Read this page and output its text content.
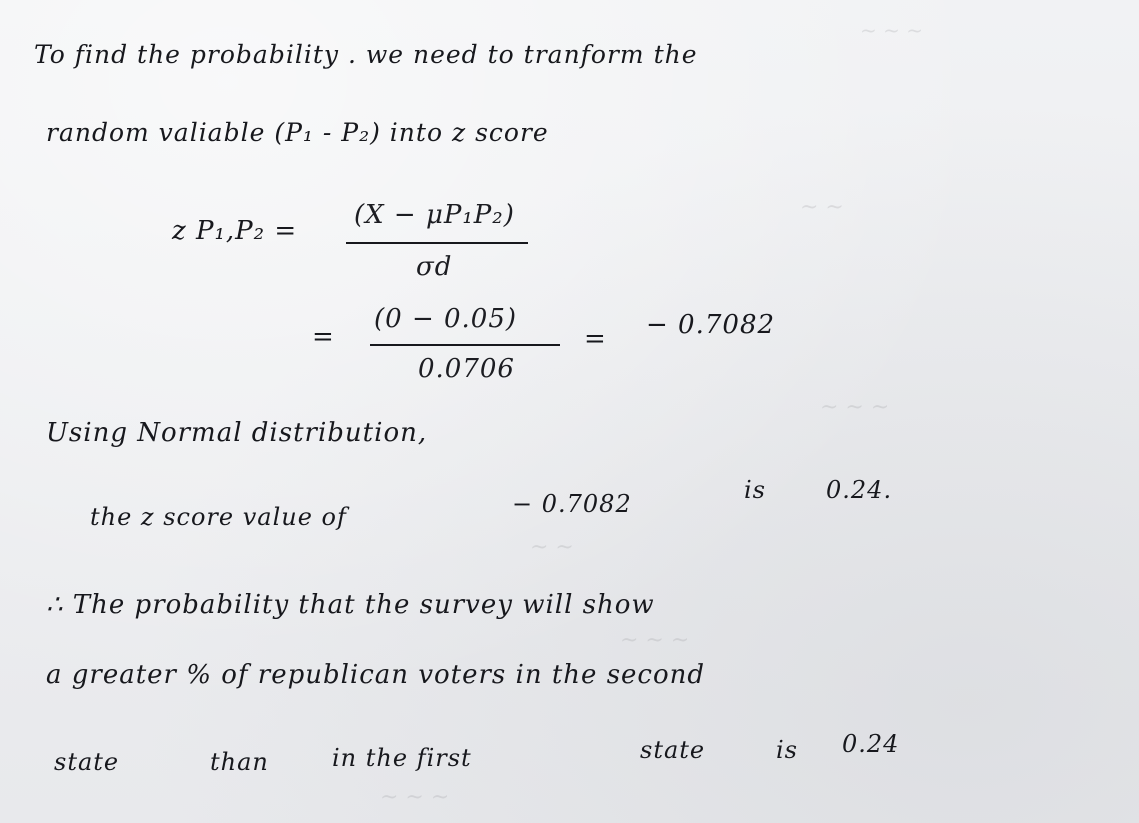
~ ~ ~
~ ~
~ ~ ~
~ ~
~ ~ ~
~ ~ ~
To find the probability . we need to tranform the
random valiable (P₁ - P₂) into z score
z P₁,P₂ =
(X − μP₁P₂)
σd
=
(0 − 0.05)
0.0706
= − 0.7082
Using Normal distribution,
the z score value of	− 0.7082	is	0.24.
∴ The probability that the survey will show
a greater % of republican voters in the second
state	than	in the first	state	is 0.24
